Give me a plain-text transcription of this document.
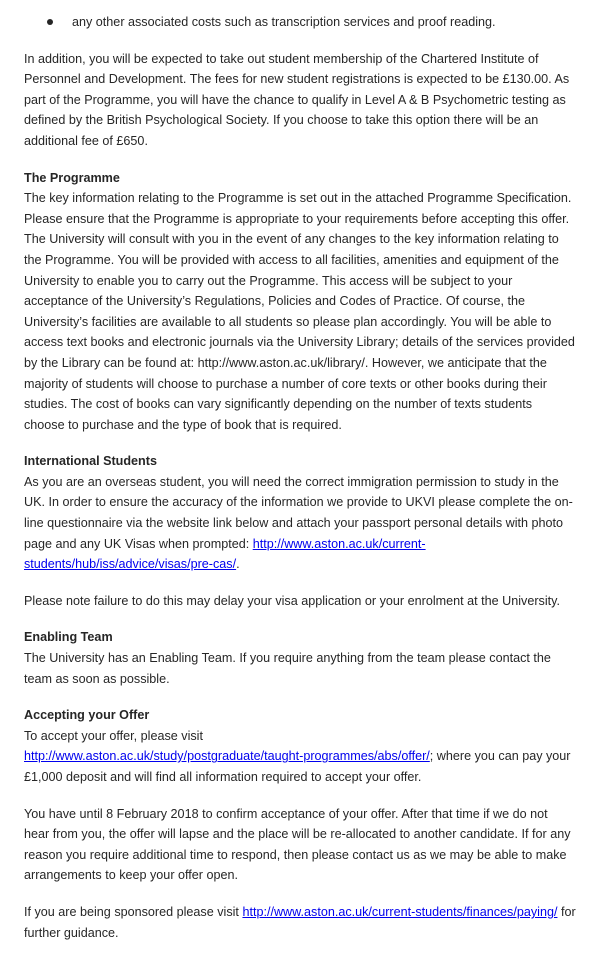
any other associated costs such as transcription services and proof reading.

In addition, you will be expected to take out student membership of the Chartered Institute of Personnel and Development. The fees for new student registrations is expected to be £130.00. As part of the Programme, you will have the chance to qualify in Level A & B Psychometric testing as defined by the British Psychological Society. If you choose to take this option there will be an additional fee of £650.

The Programme

The key information relating to the Programme is set out in the attached Programme Specification. Please ensure that the Programme is appropriate to your requirements before accepting this offer. The University will consult with you in the event of any changes to the key information relating to the Programme. You will be provided with access to all facilities, amenities and equipment of the University to enable you to carry out the Programme. This access will be subject to your acceptance of the University’s Regulations, Policies and Codes of Practice. Of course, the University’s facilities are available to all students so please plan accordingly. You will be able to access text books and electronic journals via the University Library; details of the services provided by the Library can be found at: http://www.aston.ac.uk/library/. However, we anticipate that the majority of students will choose to purchase a number of core texts or other books during their studies. The cost of books can vary significantly depending on the number of texts students choose to purchase and the type of book that is required.

International Students

As you are an overseas student, you will need the correct immigration permission to study in the UK. In order to ensure the accuracy of the information we provide to UKVI please complete the on-line questionnaire via the website link below and attach your passport personal details with photo page and any UK Visas when prompted: http://www.aston.ac.uk/current-students/hub/iss/advice/visas/pre-cas/.

Please note failure to do this may delay your visa application or your enrolment at the University.

Enabling Team

The University has an Enabling Team. If you require anything from the team please contact the team as soon as possible.

Accepting your Offer

To accept your offer, please visit

http://www.aston.ac.uk/study/postgraduate/taught-programmes/abs/offer/; where you can pay your £1,000 deposit and will find all information required to accept your offer.

You have until 8 February 2018 to confirm acceptance of your offer. After that time if we do not hear from you, the offer will lapse and the place will be re-allocated to another candidate. If for any reason you require additional time to respond, then please contact us as we may be able to make arrangements to keep your offer open.

If you are being sponsored please visit http://www.aston.ac.uk/current-students/finances/paying/ for further guidance.
